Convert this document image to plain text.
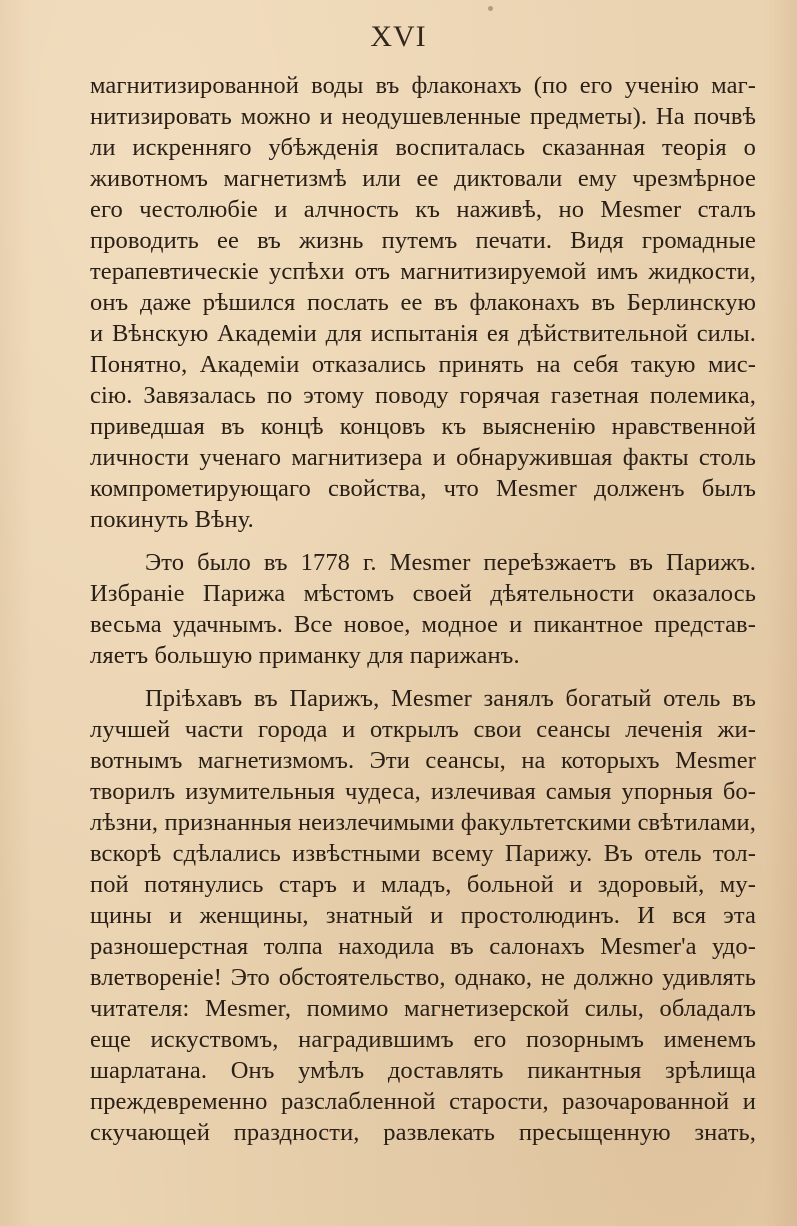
XVI
магнитизированной воды въ флаконахъ (по его ученію маг-
нитизировать можно и неодушевленные предметы). На почвѣ
ли искренняго убѣжденія воспиталась сказанная теорія о
животномъ магнетизмѣ или ее диктовали ему чрезмѣрное
его честолюбіе и алчность къ наживѣ, но Mesmer сталъ
проводить ее въ жизнь путемъ печати. Видя громадные
терапевтическіе успѣхи отъ магнитизируемой имъ жидкости,
онъ даже рѣшился послать ее въ флаконахъ въ Берлинскую
и Вѣнскую Академіи для испытанія ея дѣйствительной силы.
Понятно, Академіи отказались принять на себя такую мис-
сію. Завязалась по этому поводу горячая газетная полемика,
приведшая въ концѣ концовъ къ выясненію нравственной
личности ученаго магнитизера и обнаружившая факты столь
компрометирующаго свойства, что Mesmer долженъ былъ
покинуть Вѣну.
Это было въ 1778 г. Mesmer переѣзжаетъ въ Парижъ.
Избраніе Парижа мѣстомъ своей дѣятельности оказалось
весьма удачнымъ. Все новое, модное и пикантное представ-
ляетъ большую приманку для парижанъ.
Пріѣхавъ въ Парижъ, Mesmer занялъ богатый отель въ
лучшей части города и открылъ свои сеансы леченія жи-
вотнымъ магнетизмомъ. Эти сеансы, на которыхъ Mesmer
творилъ изумительныя чудеса, излечивая самыя упорныя бо-
лѣзни, признанныя неизлечимыми факультетскими свѣтилами,
вскорѣ сдѣлались извѣстными всему Парижу. Въ отель тол-
пой потянулись старъ и младъ, больной и здоровый, му-
щины и женщины, знатный и простолюдинъ. И вся эта
разношерстная толпа находила въ салонахъ Mesmer'а удо-
влетвореніе! Это обстоятельство, однако, не должно удивлять
читателя: Mesmer, помимо магнетизерской силы, обладалъ
еще искуствомъ, наградившимъ его позорнымъ именемъ
шарлатана. Онъ умѣлъ доставлять пикантныя зрѣлища
преждевременно разслабленной старости, разочарованной и
скучающей праздности, развлекать пресыщенную знать,
